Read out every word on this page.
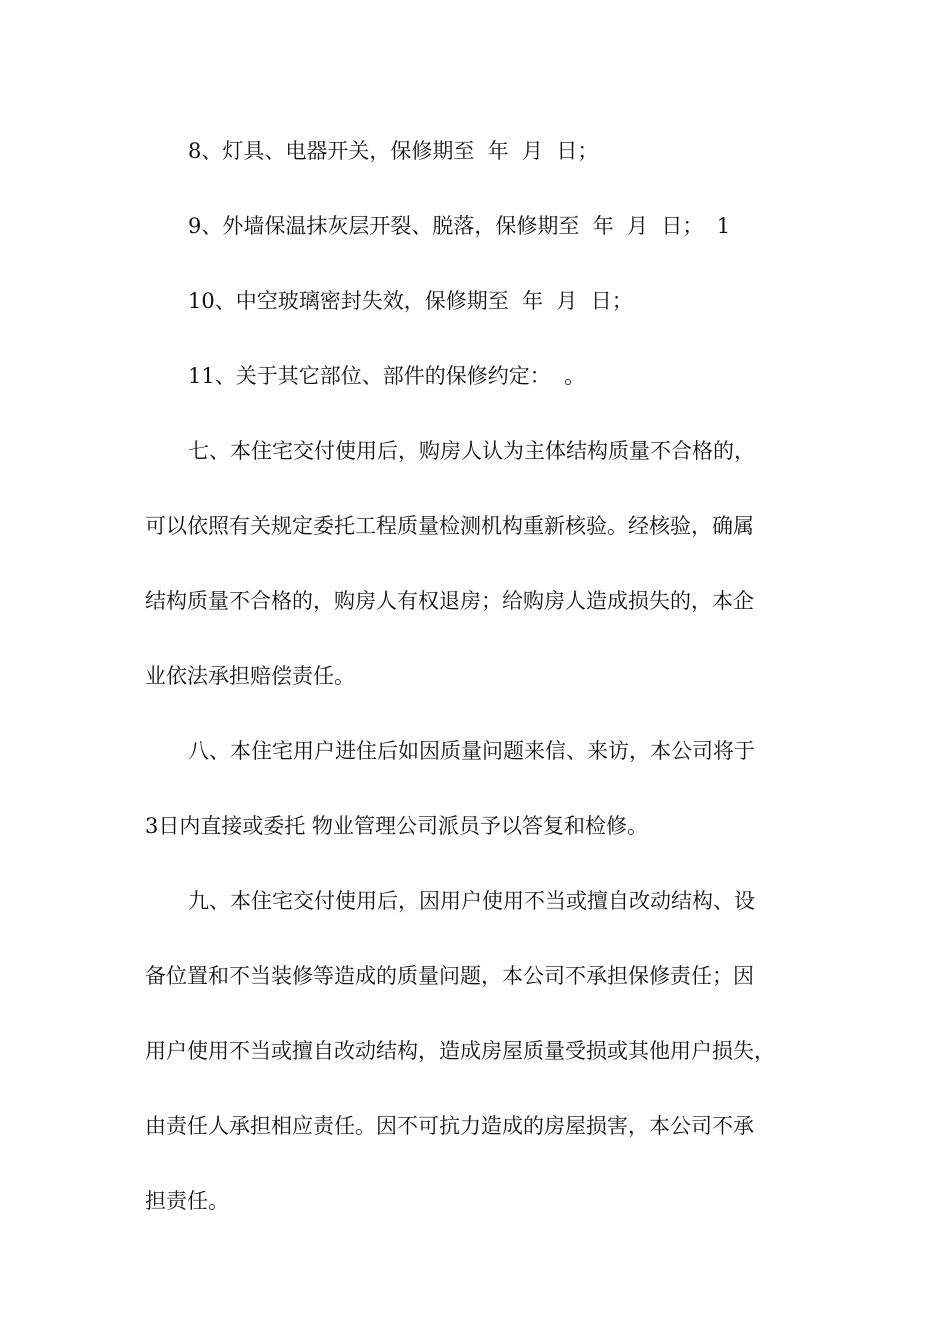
8、灯具、电器开关，保修期至  年  月  日；
9、外墙保温抹灰层开裂、脱落，保修期至  年  月  日；  1
10、中空玻璃密封失效，保修期至  年  月  日；
11、关于其它部位、部件的保修约定：  。
七、本住宅交付使用后，购房人认为主体结构质量不合格的，
可以依照有关规定委托工程质量检测机构重新核验。经核验，确属
结构质量不合格的，购房人有权退房；给购房人造成损失的，本企
业依法承担赔偿责任。
八、本住宅用户进住后如因质量问题来信、来访，本公司将于
3日内直接或委托 物业管理公司派员予以答复和检修。
九、本住宅交付使用后，因用户使用不当或擅自改动结构、设
备位置和不当装修等造成的质量问题，本公司不承担保修责任；因
用户使用不当或擅自改动结构，造成房屋质量受损或其他用户损失，
由责任人承担相应责任。因不可抗力造成的房屋损害，本公司不承
担责任。
